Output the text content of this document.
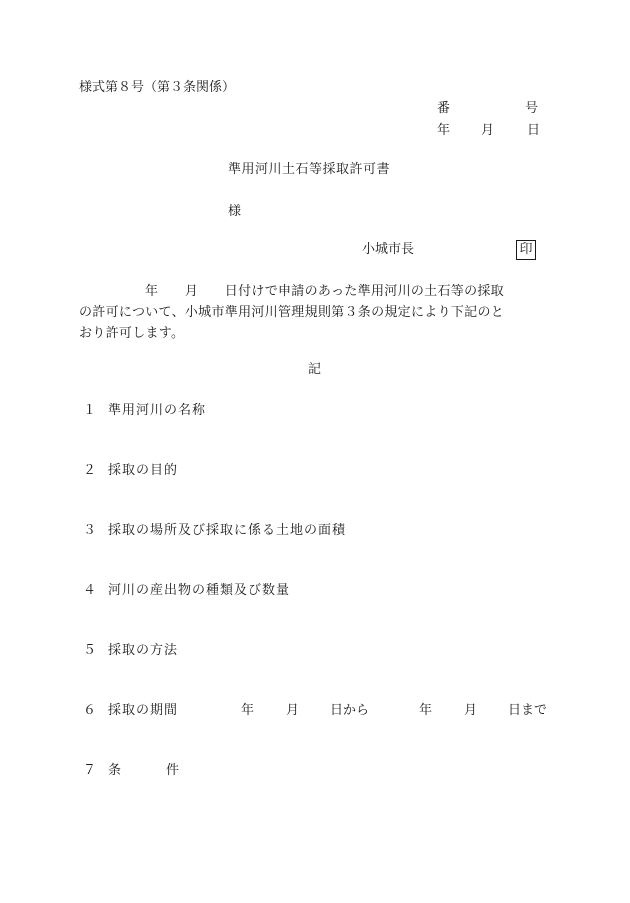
様式第８号（第３条関係）
番	号
年 月	日
準用河川土石等採取許可書
様
小城市長	印
年　　月　　日付けで申請のあった準用河川の土石等の採取
の許可について、小城市準用河川管理規則第３条の規定により下記のと
おり許可します。
記
１ 準用河川の名称
２ 採取の目的
３ 採取の場所及び採取に係る土地の面積
４ 河川の産出物の種類及び数量
５ 採取の方法
６ 採取の期間	年 月 日から	年 月 日まで
７ 条	件
